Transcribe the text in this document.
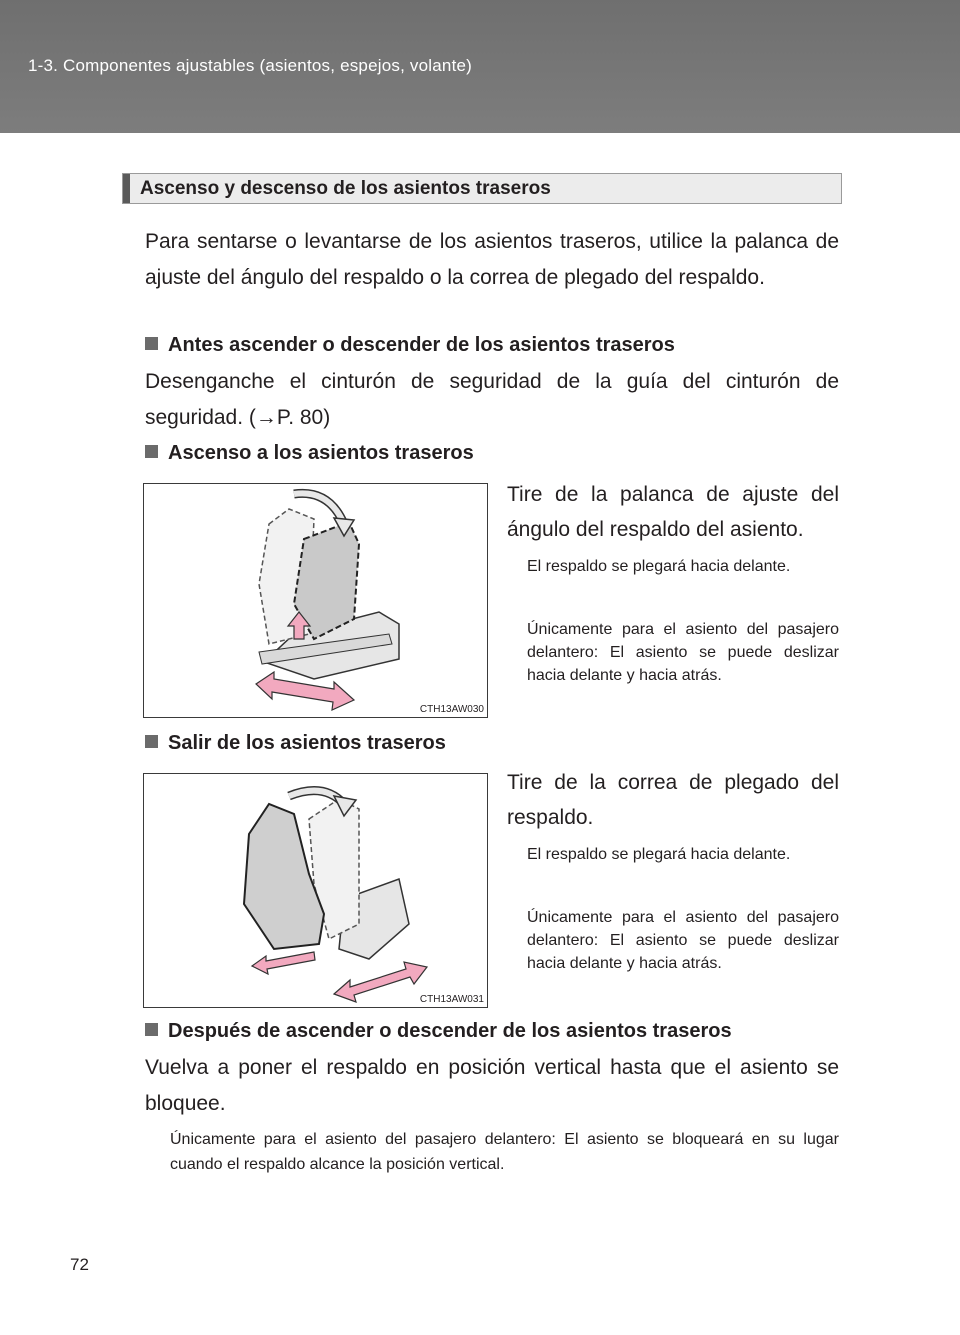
1-3. Componentes ajustables (asientos, espejos, volante)
Ascenso y descenso de los asientos traseros
Para sentarse o levantarse de los asientos traseros, utilice la palanca de ajuste del ángulo del respaldo o la correa de plegado del respaldo.
Antes ascender o descender de los asientos traseros
Desenganche el cinturón de seguridad de la guía del cinturón de seguridad. (→P. 80)
Ascenso a los asientos traseros
CTH13AW030
Tire de la palanca de ajuste del ángulo del respaldo del asiento.
El respaldo se plegará hacia delante.
Únicamente para el asiento del pasajero delantero: El asiento se puede deslizar hacia delante y hacia atrás.
Salir de los asientos traseros
CTH13AW031
Tire de la correa de plegado del respaldo.
El respaldo se plegará hacia delante.
Únicamente para el asiento del pasajero delantero: El asiento se puede deslizar hacia delante y hacia atrás.
Después de ascender o descender de los asientos traseros
Vuelva a poner el respaldo en posición vertical hasta que el asiento se bloquee.
Únicamente para el asiento del pasajero delantero: El asiento se bloqueará en su lugar cuando el respaldo alcance la posición vertical.
72
